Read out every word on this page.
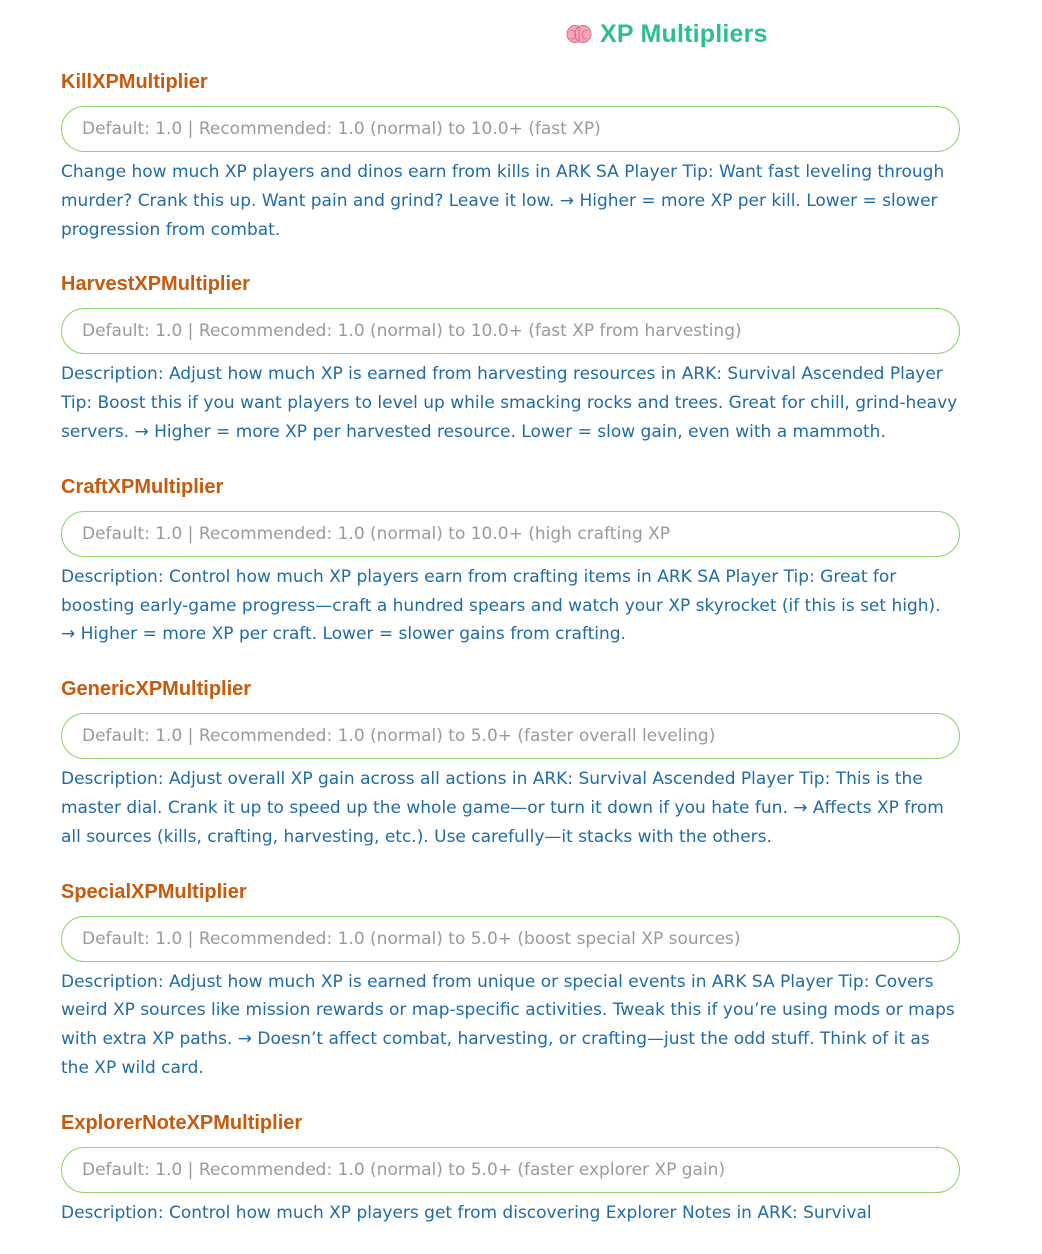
XP Multipliers
KillXPMultiplier
Default: 1.0 | Recommended: 1.0 (normal) to 10.0+ (fast XP)

Change how much XP players and dinos earn from kills in ARK SA Player Tip: Want fast leveling through murder? Crank this up. Want pain and grind? Leave it low. → Higher = more XP per kill. Lower = slower progression from combat.

HarvestXPMultiplier
Default: 1.0 | Recommended: 1.0 (normal) to 10.0+ (fast XP from harvesting)

Description: Adjust how much XP is earned from harvesting resources in ARK: Survival Ascended Player Tip: Boost this if you want players to level up while smacking rocks and trees. Great for chill, grind-heavy servers. → Higher = more XP per harvested resource. Lower = slow gain, even with a mammoth.

CraftXPMultiplier
Default: 1.0 | Recommended: 1.0 (normal) to 10.0+ (high crafting XP

Description: Control how much XP players earn from crafting items in ARK SA Player Tip: Great for boosting early-game progress—craft a hundred spears and watch your XP skyrocket (if this is set high). → Higher = more XP per craft. Lower = slower gains from crafting.

GenericXPMultiplier
Default: 1.0 | Recommended: 1.0 (normal) to 5.0+ (faster overall leveling)

Description: Adjust overall XP gain across all actions in ARK: Survival Ascended Player Tip: This is the master dial. Crank it up to speed up the whole game—or turn it down if you hate fun. → Affects XP from all sources (kills, crafting, harvesting, etc.). Use carefully—it stacks with the others.

SpecialXPMultiplier
Default: 1.0 | Recommended: 1.0 (normal) to 5.0+ (boost special XP sources)

Description: Adjust how much XP is earned from unique or special events in ARK SA Player Tip: Covers weird XP sources like mission rewards or map-specific activities. Tweak this if you’re using mods or maps with extra XP paths. → Doesn’t affect combat, harvesting, or crafting—just the odd stuff. Think of it as the XP wild card.

ExplorerNoteXPMultiplier
Default: 1.0 | Recommended: 1.0 (normal) to 5.0+ (faster explorer XP gain)

Description: Control how much XP players get from discovering Explorer Notes in ARK: Survival
